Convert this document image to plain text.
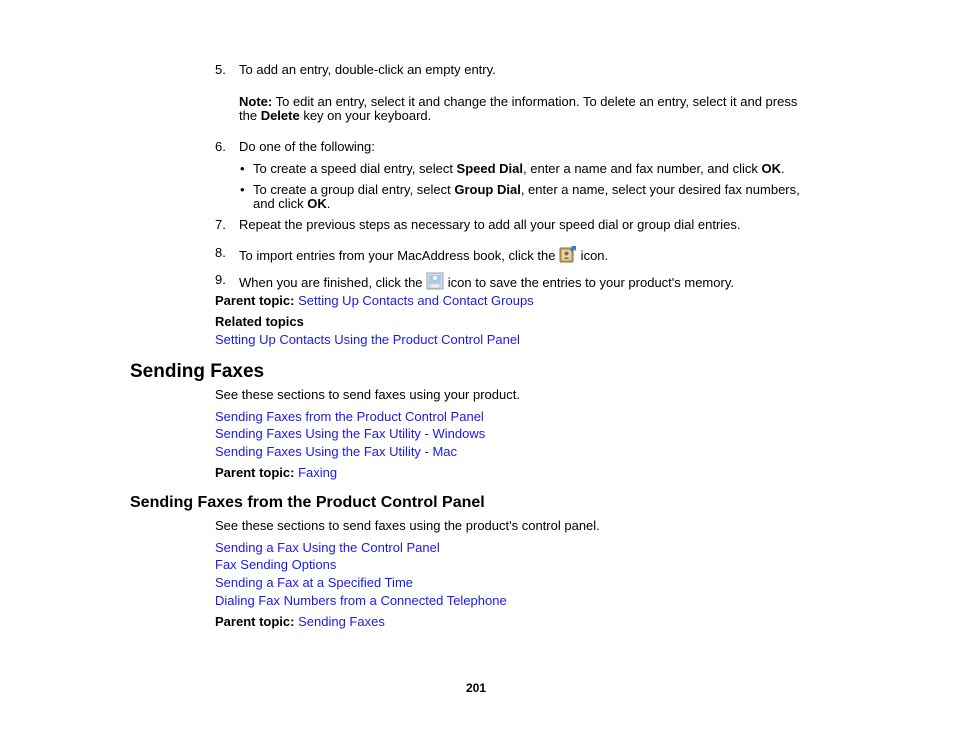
5. To add an entry, double-click an empty entry.
Note: To edit an entry, select it and change the information. To delete an entry, select it and press
the Delete key on your keyboard.
6. Do one of the following:
• To create a speed dial entry, select Speed Dial, enter a name and fax number, and click OK.
• To create a group dial entry, select Group Dial, enter a name, select your desired fax numbers,
and click OK.
7. Repeat the previous steps as necessary to add all your speed dial or group dial entries.
8. To import entries from your MacAddress book, click the  icon.
9. When you are finished, click the  icon to save the entries to your product's memory.
Parent topic: Setting Up Contacts and Contact Groups
Related topics
Setting Up Contacts Using the Product Control Panel
Sending Faxes
See these sections to send faxes using your product.
Sending Faxes from the Product Control Panel
Sending Faxes Using the Fax Utility - Windows
Sending Faxes Using the Fax Utility - Mac
Parent topic: Faxing
Sending Faxes from the Product Control Panel
See these sections to send faxes using the product's control panel.
Sending a Fax Using the Control Panel
Fax Sending Options
Sending a Fax at a Specified Time
Dialing Fax Numbers from a Connected Telephone
Parent topic: Sending Faxes
201
